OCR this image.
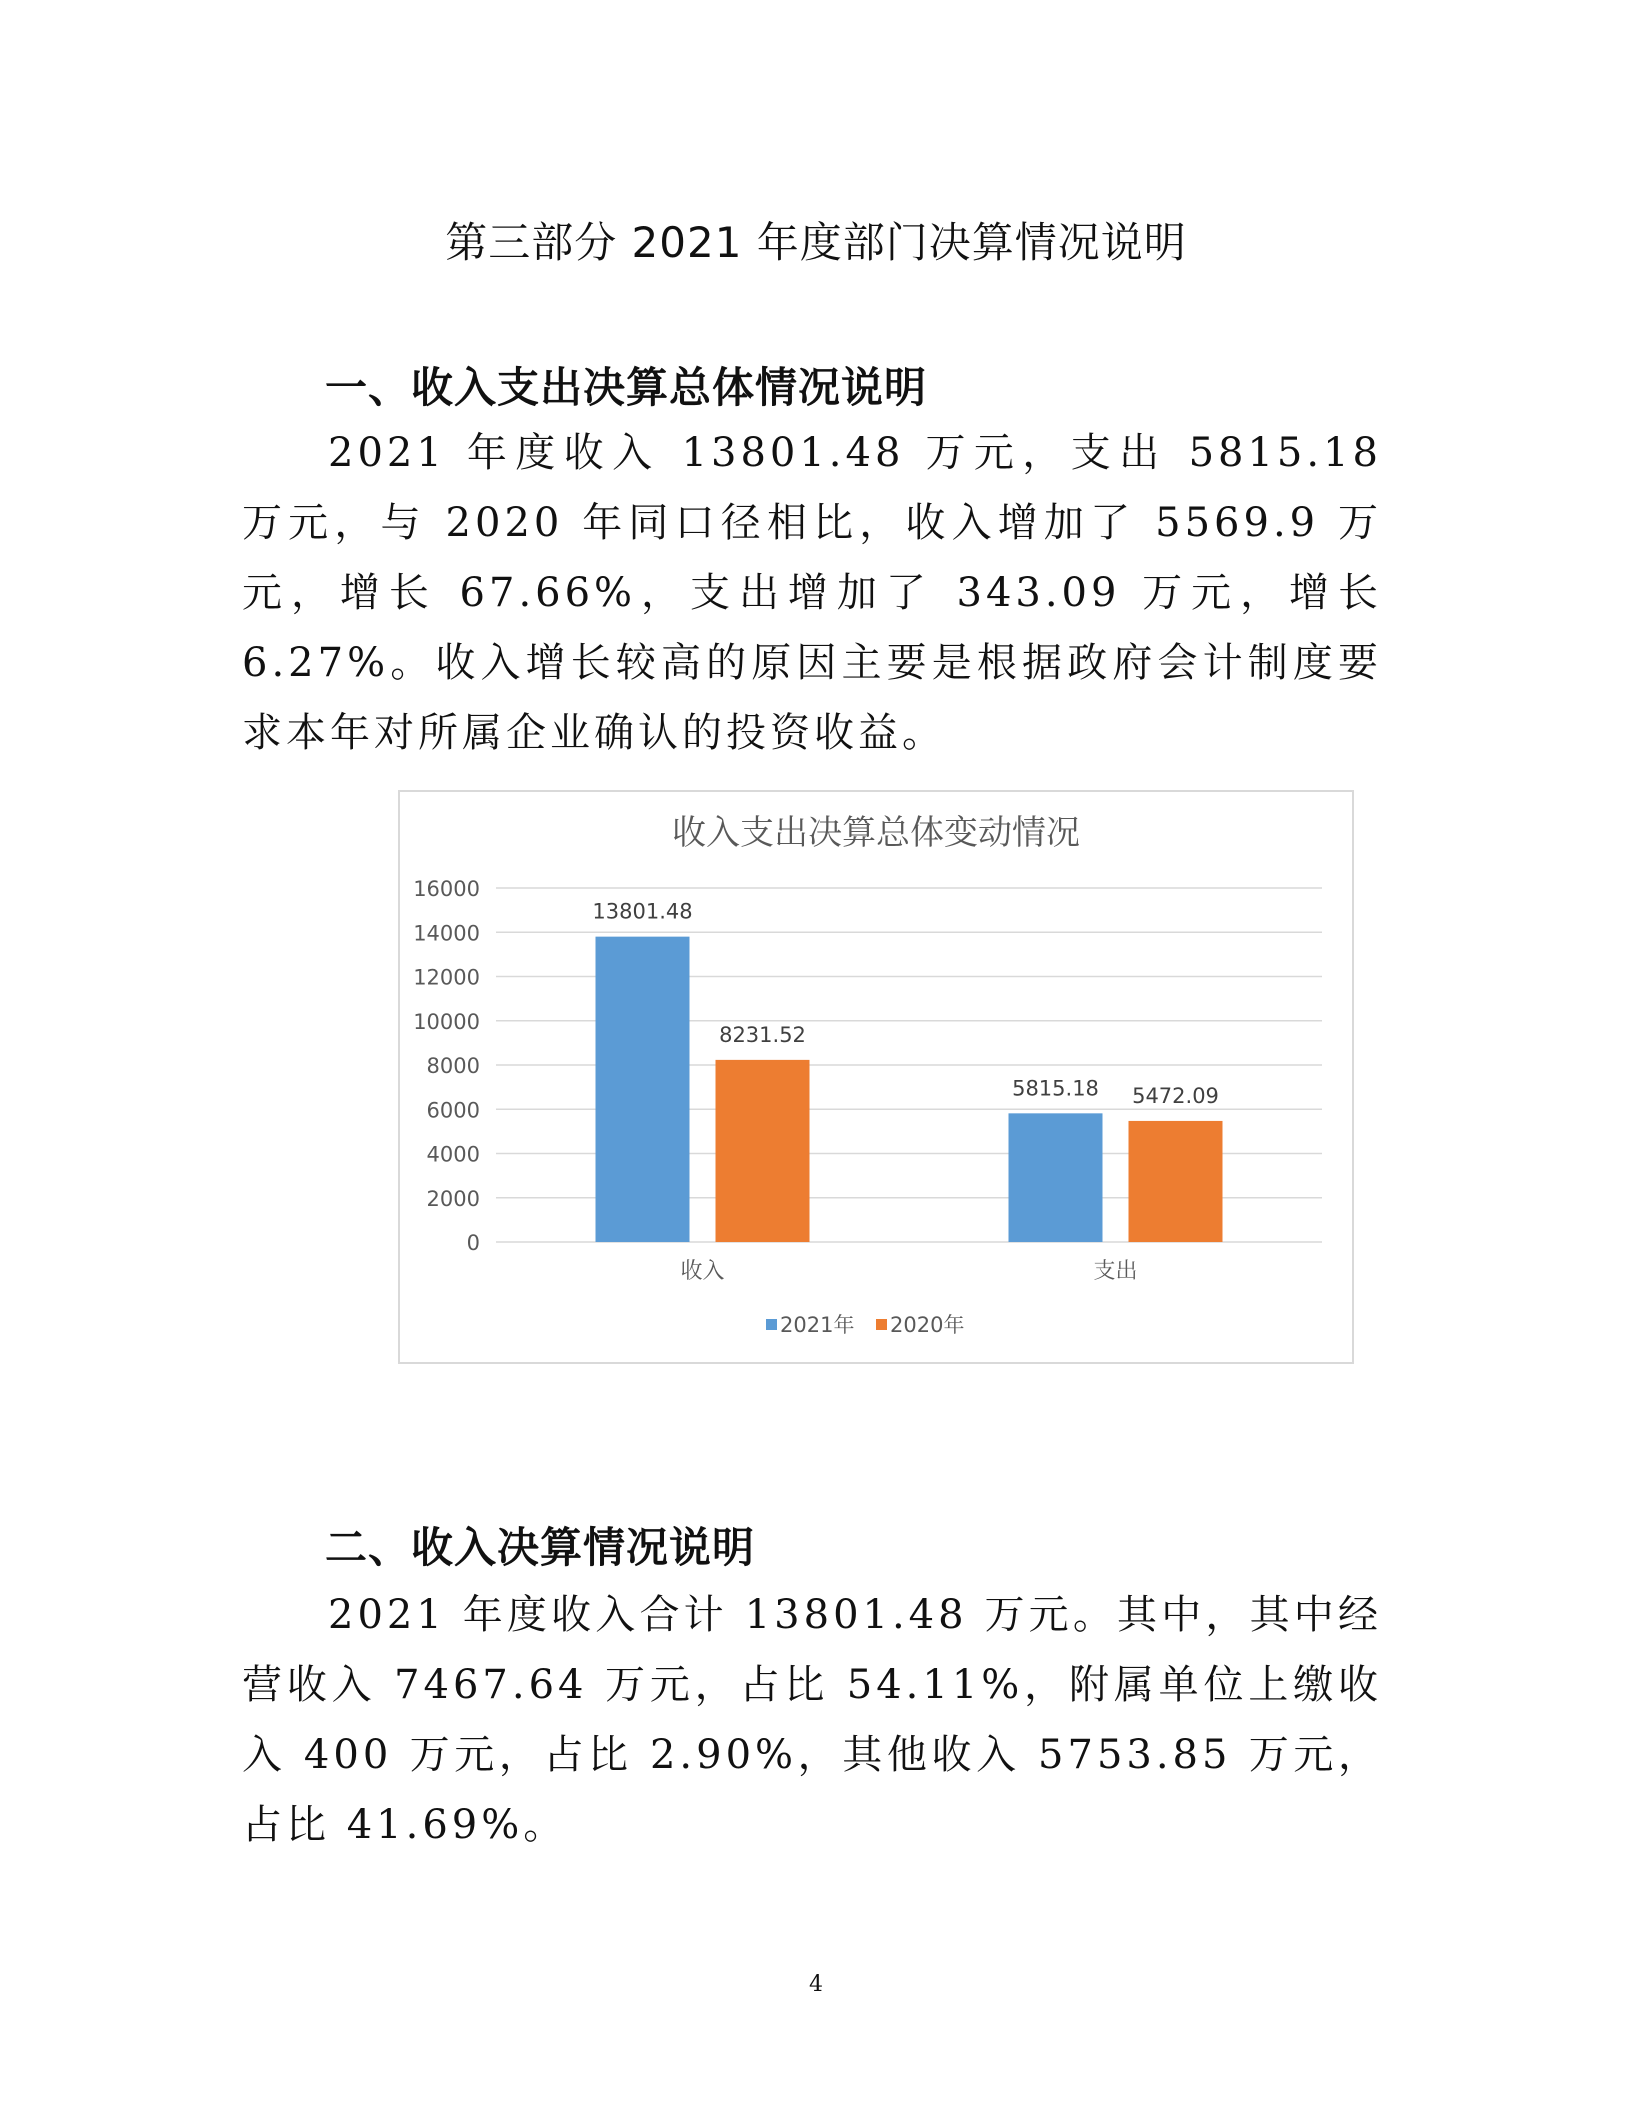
第三部分 2021 年度部门决算情况说明
一、收入支出决算总体情况说明
2021 年度收入 13801.48 万元，支出 5815.18 万元，与 2020 年同口径相比，收入增加了 5569.9 万元，增长 67.66%，支出增加了 343.09 万元，增长 6.27%。收入增长较高的原因主要是根据政府会计制度要求本年对所属企业确认的投资收益。
收入支出决算总体变动情况
0
2000
4000
6000
8000
10000
12000
14000
16000
13801.48
8231.52
收入
5815.18 5472.09
支出
2021年 2020年
二、收入决算情况说明
2021 年度收入合计 13801.48 万元。其中，其中经营收入 7467.64 万元，占比 54.11%，附属单位上缴收入 400 万元，占比 2.90%，其他收入 5753.85 万元，占比 41.69%。
4
